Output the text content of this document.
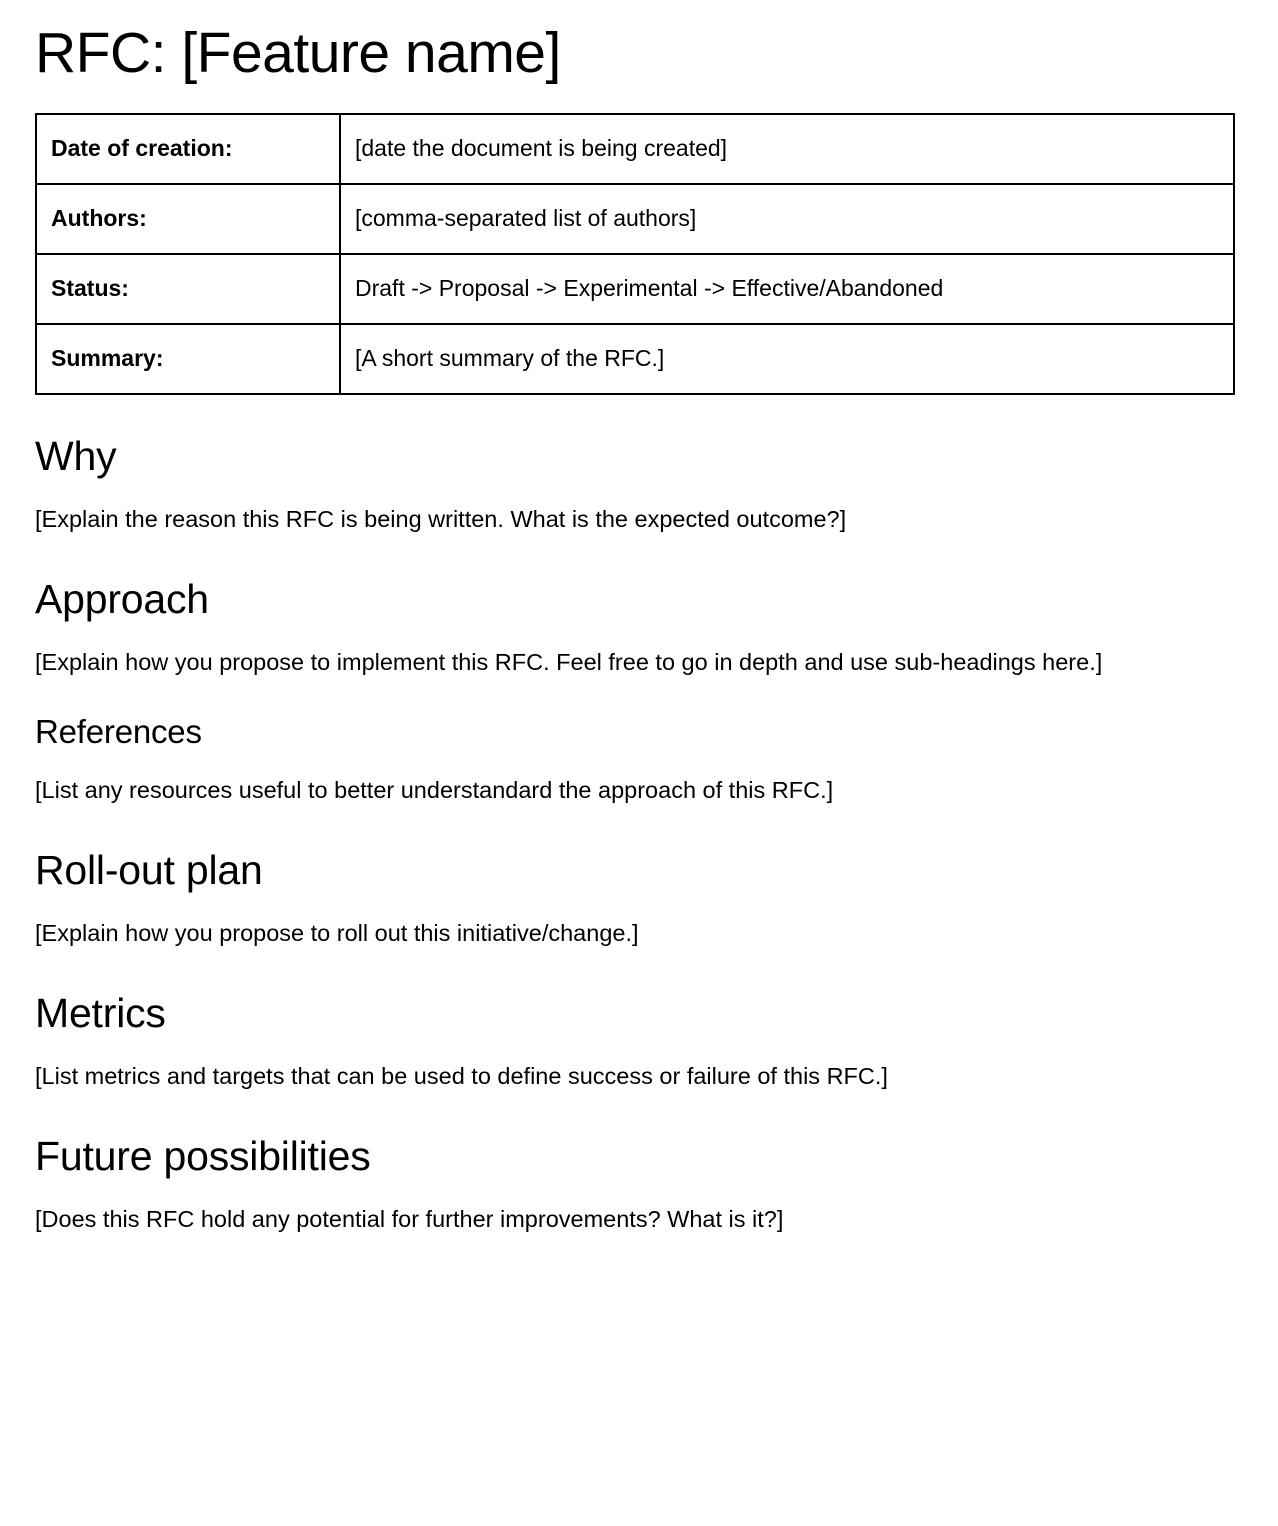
RFC: [Feature name]
Date of creation:	[date the document is being created]
Authors:	[comma-separated list of authors]
Status:	Draft -> Proposal -> Experimental -> Effective/Abandoned
Summary:	[A short summary of the RFC.]
Why

[Explain the reason this RFC is being written. What is the expected outcome?]

Approach

[Explain how you propose to implement this RFC. Feel free to go in depth and use sub-headings here.]

References

[List any resources useful to better understandard the approach of this RFC.]

Roll-out plan

[Explain how you propose to roll out this initiative/change.]

Metrics

[List metrics and targets that can be used to define success or failure of this RFC.]

Future possibilities

[Does this RFC hold any potential for further improvements? What is it?]
